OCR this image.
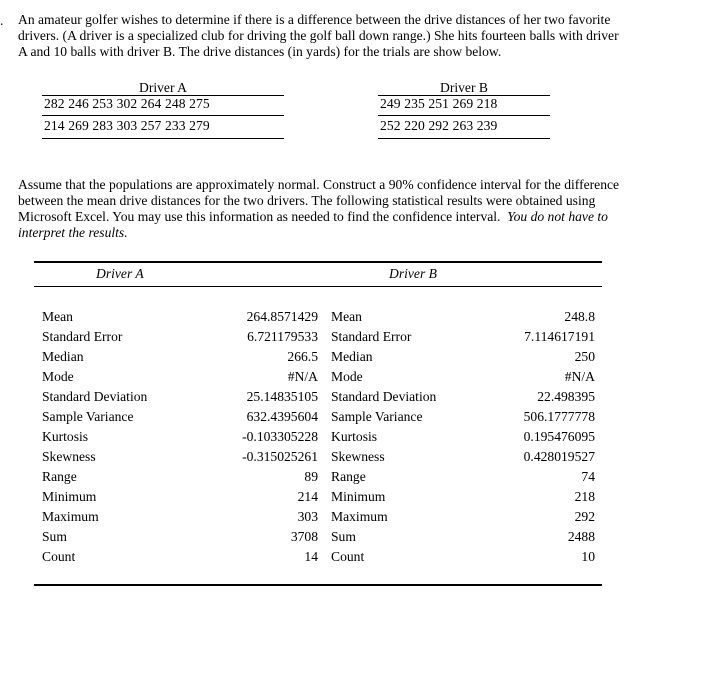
. An amateur golfer wishes to determine if there is a difference between the drive distances of her two favorite
drivers. (A driver is a specialized club for driving the golf ball down range.) She hits fourteen balls with driver
A and 10 balls with driver B. The drive distances (in yards) for the trials are show below.
Driver A
282 246 253 302 264 248 275
214 269 283 303 257 233 279
Driver B
249 235 251 269 218
252 220 292 263 239
Assume that the populations are approximately normal. Construct a 90% confidence interval for the difference
between the mean drive distances for the two drivers. The following statistical results were obtained using
Microsoft Excel. You may use this information as needed to find the confidence interval. You do not have to
interpret the results.
Driver A	Driver B
Mean	264.8571429 Mean	248.8
Standard Error	6.721179533 Standard Error	7.114617191
Median	266.5 Median	250
Mode	#N/A Mode	#N/A
Standard Deviation	25.14835105 Standard Deviation	22.498395
Sample Variance	632.4395604 Sample Variance	506.1777778
Kurtosis	-0.103305228 Kurtosis	0.195476095
Skewness	-0.315025261 Skewness	0.428019527
Range	89 Range	74
Minimum	214 Minimum	218
Maximum	303 Maximum	292
Sum	3708 Sum	2488
Count	14 Count	10
